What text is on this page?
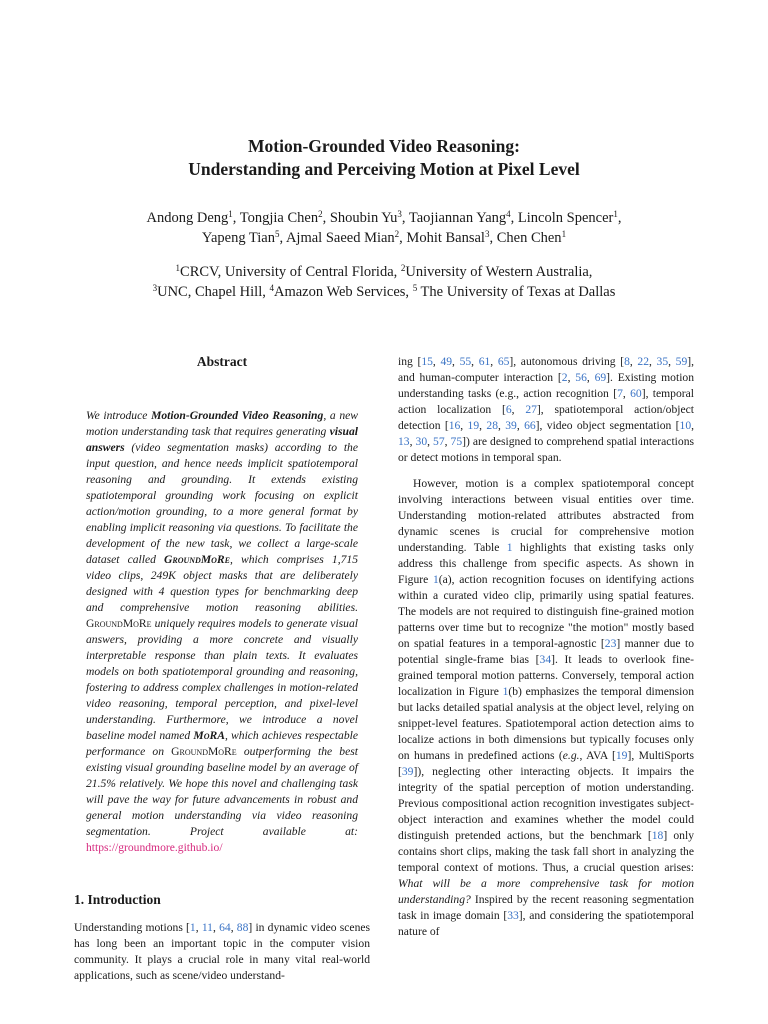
Motion-Grounded Video Reasoning:
Understanding and Perceiving Motion at Pixel Level
Andong Deng$^1$, Tongjia Chen$^2$, Shoubin Yu$^3$, Taojiannan Yang$^4$, Lincoln Spencer$^1$,
Yapeng Tian$^5$, Ajmal Saeed Mian$^2$, Mohit Bansal$^3$, Chen Chen$^1$
$^1$CRCV, University of Central Florida, $^2$University of Western Australia,
$^3$UNC, Chapel Hill, $^4$Amazon Web Services, $^5$ The University of Texas at Dallas
Abstract

We introduce Motion-Grounded Video Reasoning, a new motion understanding task that requires generating visual answers (video segmentation masks) according to the input question, and hence needs implicit spatiotemporal reasoning and grounding. It extends existing spatiotemporal grounding work focusing on explicit action/motion grounding, to a more general format by enabling implicit reasoning via questions. To facilitate the development of the new task, we collect a large-scale dataset called GroundMoRe, which comprises 1,715 video clips, 249K object masks that are deliberately designed with 4 question types for benchmarking deep and comprehensive motion reasoning abilities. GroundMoRe uniquely requires models to generate visual answers, providing a more concrete and visually interpretable response than plain texts. It evaluates models on both spatiotemporal grounding and reasoning, fostering to address complex challenges in motion-related video reasoning, temporal perception, and pixel-level understanding. Furthermore, we introduce a novel baseline model named MoRA, which achieves respectable performance on GroundMoRe outperforming the best existing visual grounding baseline model by an average of 21.5% relatively. We hope this novel and challenging task will pave the way for future advancements in robust and general motion understanding via video reasoning segmentation. Project available at: https://groundmore.github.io/

1. Introduction

Understanding motions [1, 11, 64, 88] in dynamic video scenes has long been an important topic in the computer vision community. It plays a crucial role in many vital real-world applications, such as scene/video understand-

ing [15, 49, 55, 61, 65], autonomous driving [8, 22, 35, 59], and human-computer interaction [2, 56, 69]. Existing motion understanding tasks (e.g., action recognition [7, 60], temporal action localization [6, 27], spatiotemporal action/object detection [16, 19, 28, 39, 66], video object segmentation [10, 13, 30, 57, 75]) are designed to comprehend spatial interactions or detect motions in temporal span.

However, motion is a complex spatiotemporal concept involving interactions between visual entities over time. Understanding motion-related attributes abstracted from dynamic scenes is crucial for comprehensive motion understanding. Table 1 highlights that existing tasks only address this challenge from specific aspects. As shown in Figure 1(a), action recognition focuses on identifying actions within a curated video clip, primarily using spatial features. The models are not required to distinguish fine-grained motion patterns over time but to recognize "the motion" mostly based on spatial features in a temporal-agnostic [23] manner due to potential single-frame bias [34]. It leads to overlook fine-grained temporal motion patterns. Conversely, temporal action localization in Figure 1(b) emphasizes the temporal dimension but lacks detailed spatial analysis at the object level, relying on snippet-level features. Spatiotemporal action detection aims to localize actions in both dimensions but typically focuses only on humans in predefined actions (e.g., AVA [19], MultiSports [39]), neglecting other interacting objects. It impairs the integrity of the spatial perception of motion understanding. Previous compositional action recognition investigates subject-object interaction and examines whether the model could distinguish pretended actions, but the benchmark [18] only contains short clips, making the task fall short in analyzing the temporal context of motions. Thus, a crucial question arises: What will be a more comprehensive task for motion understanding? Inspired by the recent reasoning segmentation task in image domain [33], and considering the spatiotemporal nature of
